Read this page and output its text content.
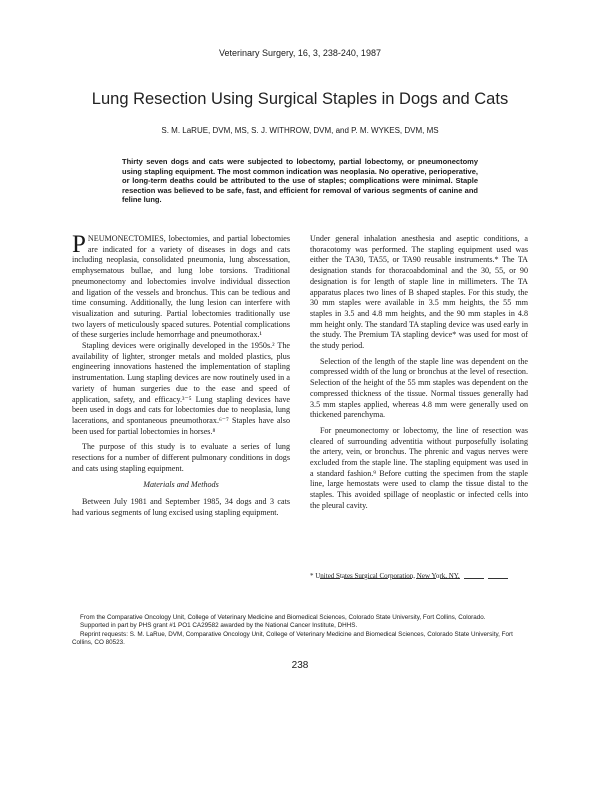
Veterinary Surgery, 16, 3, 238-240, 1987
Lung Resection Using Surgical Staples in Dogs and Cats
S. M. LaRUE, DVM, MS, S. J. WITHROW, DVM, and P. M. WYKES, DVM, MS
Thirty seven dogs and cats were subjected to lobectomy, partial lobectomy, or pneumonectomy using stapling equipment. The most common indication was neoplasia. No operative, perioperative, or long-term deaths could be attributed to the use of staples; complications were minimal. Staple resection was believed to be safe, fast, and efficient for removal of various segments of canine and feline lung.

PNEUMONECTOMIES, lobectomies, and partial lobectomies are indicated for a variety of diseases in dogs and cats including neoplasia, consolidated pneumonia, lung abscessation, emphysematous bullae, and lung lobe torsions. Traditional pneumonectomy and lobectomies involve individual dissection and ligation of the vessels and bronchus. This can be tedious and time consuming. Additionally, the lung lesion can interfere with visualization and suturing. Partial lobectomies traditionally use two layers of meticulously spaced sutures. Potential complications of these surgeries include hemorrhage and pneumothorax.¹

Stapling devices were originally developed in the 1950s.² The availability of lighter, stronger metals and molded plastics, plus engineering innovations hastened the implementation of stapling instrumentation. Lung stapling devices are now routinely used in a variety of human surgeries due to the ease and speed of application, safety, and efficacy.³⁻⁵ Lung stapling devices have been used in dogs and cats for lobectomies due to neoplasia, lung lacerations, and spontaneous pneumothorax.⁶⁻⁷ Staples have also been used for partial lobectomies in horses.⁸

The purpose of this study is to evaluate a series of lung resections for a number of different pulmonary conditions in dogs and cats using stapling equipment.

Materials and Methods

Between July 1981 and September 1985, 34 dogs and 3 cats had various segments of lung excised using stapling equipment.

Under general inhalation anesthesia and aseptic conditions, a thoracotomy was performed. The stapling equipment used was either the TA30, TA55, or TA90 reusable instruments.* The TA designation stands for thoracoabdominal and the 30, 55, or 90 designation is for length of staple line in millimeters. The TA apparatus places two lines of B shaped staples. For this study, the 30 mm staples were available in 3.5 mm heights, the 55 mm staples in 3.5 and 4.8 mm heights, and the 90 mm staples in 4.8 mm height only. The standard TA stapling device was used early in the study. The Premium TA stapling device* was used for most of the study period.

Selection of the length of the staple line was dependent on the compressed width of the lung or bronchus at the level of resection. Selection of the height of the 55 mm staples was dependent on the compressed thickness of the tissue. Normal tissues generally had 3.5 mm staples applied, whereas 4.8 mm were generally used on thickened parenchyma.

For pneumonectomy or lobectomy, the line of resection was cleared of surrounding adventitia without purposefully isolating the artery, vein, or bronchus. The phrenic and vagus nerves were excluded from the staple line. The stapling equipment was used in a standard fashion.⁹ Before cutting the specimen from the staple line, large hemostats were used to clamp the tissue distal to the staples. This avoided spillage of neoplastic or infected cells into the pleural cavity.

* United States Surgical Corporation, New York, NY.

From the Comparative Oncology Unit, College of Veterinary Medicine and Biomedical Sciences, Colorado State University, Fort Collins, Colorado.

Supported in part by PHS grant #1 PO1 CA29582 awarded by the National Cancer Institute, DHHS.

Reprint requests: S. M. LaRue, DVM, Comparative Oncology Unit, College of Veterinary Medicine and Biomedical Sciences, Colorado State University, Fort Collins, CO 80523.

238
